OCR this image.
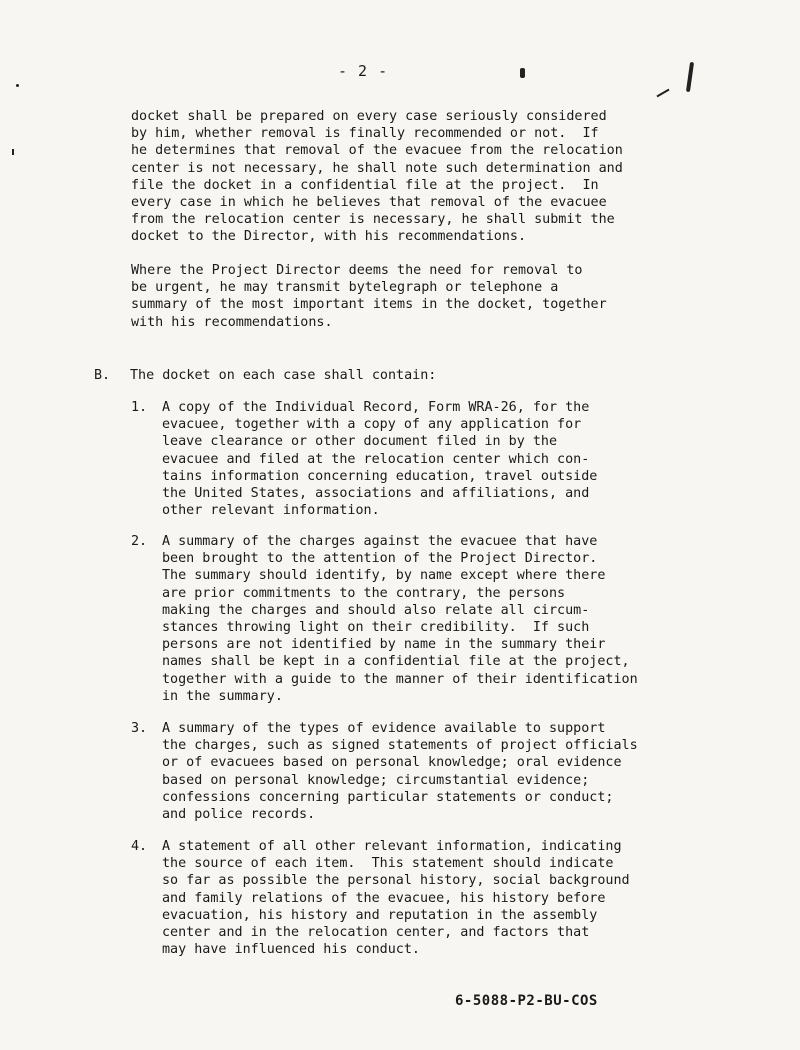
- 2 -
docket shall be prepared on every case seriously considered
by him, whether removal is finally recommended or not.  If
he determines that removal of the evacuee from the relocation
center is not necessary, he shall note such determination and
file the docket in a confidential file at the project.  In
every case in which he believes that removal of the evacuee
from the relocation center is necessary, he shall submit the
docket to the Director, with his recommendations.
Where the Project Director deems the need for removal to
be urgent, he may transmit bytelegraph or telephone a
summary of the most important items in the docket, together
with his recommendations.
B. The docket on each case shall contain:
1. A copy of the Individual Record, Form WRA-26, for the
evacuee, together with a copy of any application for
leave clearance or other document filed in by the
evacuee and filed at the relocation center which con-
tains information concerning education, travel outside
the United States, associations and affiliations, and
other relevant information.
2. A summary of the charges against the evacuee that have
been brought to the attention of the Project Director.
The summary should identify, by name except where there
are prior commitments to the contrary, the persons
making the charges and should also relate all circum-
stances throwing light on their credibility.  If such
persons are not identified by name in the summary their
names shall be kept in a confidential file at the project,
together with a guide to the manner of their identification
in the summary.
3. A summary of the types of evidence available to support
the charges, such as signed statements of project officials
or of evacuees based on personal knowledge; oral evidence
based on personal knowledge; circumstantial evidence;
confessions concerning particular statements or conduct;
and police records.
4. A statement of all other relevant information, indicating
the source of each item.  This statement should indicate
so far as possible the personal history, social background
and family relations of the evacuee, his history before
evacuation, his history and reputation in the assembly
center and in the relocation center, and factors that
may have influenced his conduct.
6-5088-P2-BU-COS
